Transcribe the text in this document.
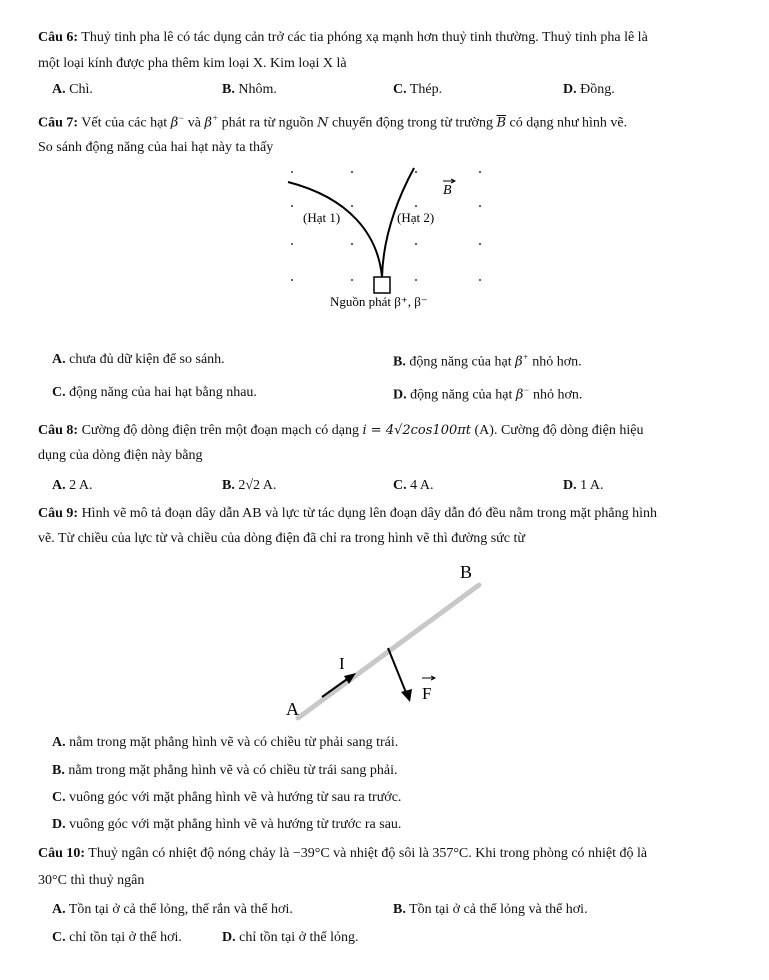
Câu 6: Thuỷ tinh pha lê có tác dụng cản trở các tia phóng xạ mạnh hơn thuỷ tinh thường. Thuỷ tinh pha lê là
một loại kính được pha thêm kim loại X. Kim loại X là
A. Chì.	B. Nhôm.	C. Thép.	D. Đồng.
Câu 7: Vết của các hạt β− và β+ phát ra từ nguồn N chuyển động trong từ trường $\overline{B}$ có dạng như hình vẽ.
So sánh động năng của hai hạt này ta thấy
(Hạt 1)	(Hạt 2)
B
Nguồn phát β⁺, β⁻
A. chưa đủ dữ kiện để so sánh.	B. động năng của hạt β+ nhỏ hơn.
C. động năng của hai hạt bằng nhau.	D. động năng của hạt β− nhỏ hơn.
Câu 8: Cường độ dòng điện trên một đoạn mạch có dạng i = 4√2cos100πt (A). Cường độ dòng điện hiệu
dụng của dòng điện này bằng
A. 2 A.	B. 2√2 A.	C. 4 A.	D. 1 A.
Câu 9: Hình vẽ mô tả đoạn dây dẫn AB và lực từ tác dụng lên đoạn dây dẫn đó đều nằm trong mặt phẳng hình
vẽ. Từ chiều của lực từ và chiều của dòng điện đã chỉ ra trong hình vẽ thì đường sức từ
A
B
I
F
A. nằm trong mặt phẳng hình vẽ và có chiều từ phải sang trái.
B. nằm trong mặt phẳng hình vẽ và có chiều từ trái sang phải.
C. vuông góc với mặt phẳng hình vẽ và hướng từ sau ra trước.
D. vuông góc với mặt phẳng hình vẽ và hướng từ trước ra sau.
Câu 10: Thuỷ ngân có nhiệt độ nóng chảy là −39°C và nhiệt độ sôi là 357°C. Khi trong phòng có nhiệt độ là
30°C thì thuỷ ngân
A. Tồn tại ở cả thể lỏng, thể rắn và thể hơi.	B. Tồn tại ở cả thể lỏng và thể hơi.
C. chỉ tồn tại ở thể hơi.	D. chỉ tồn tại ở thể lỏng.
